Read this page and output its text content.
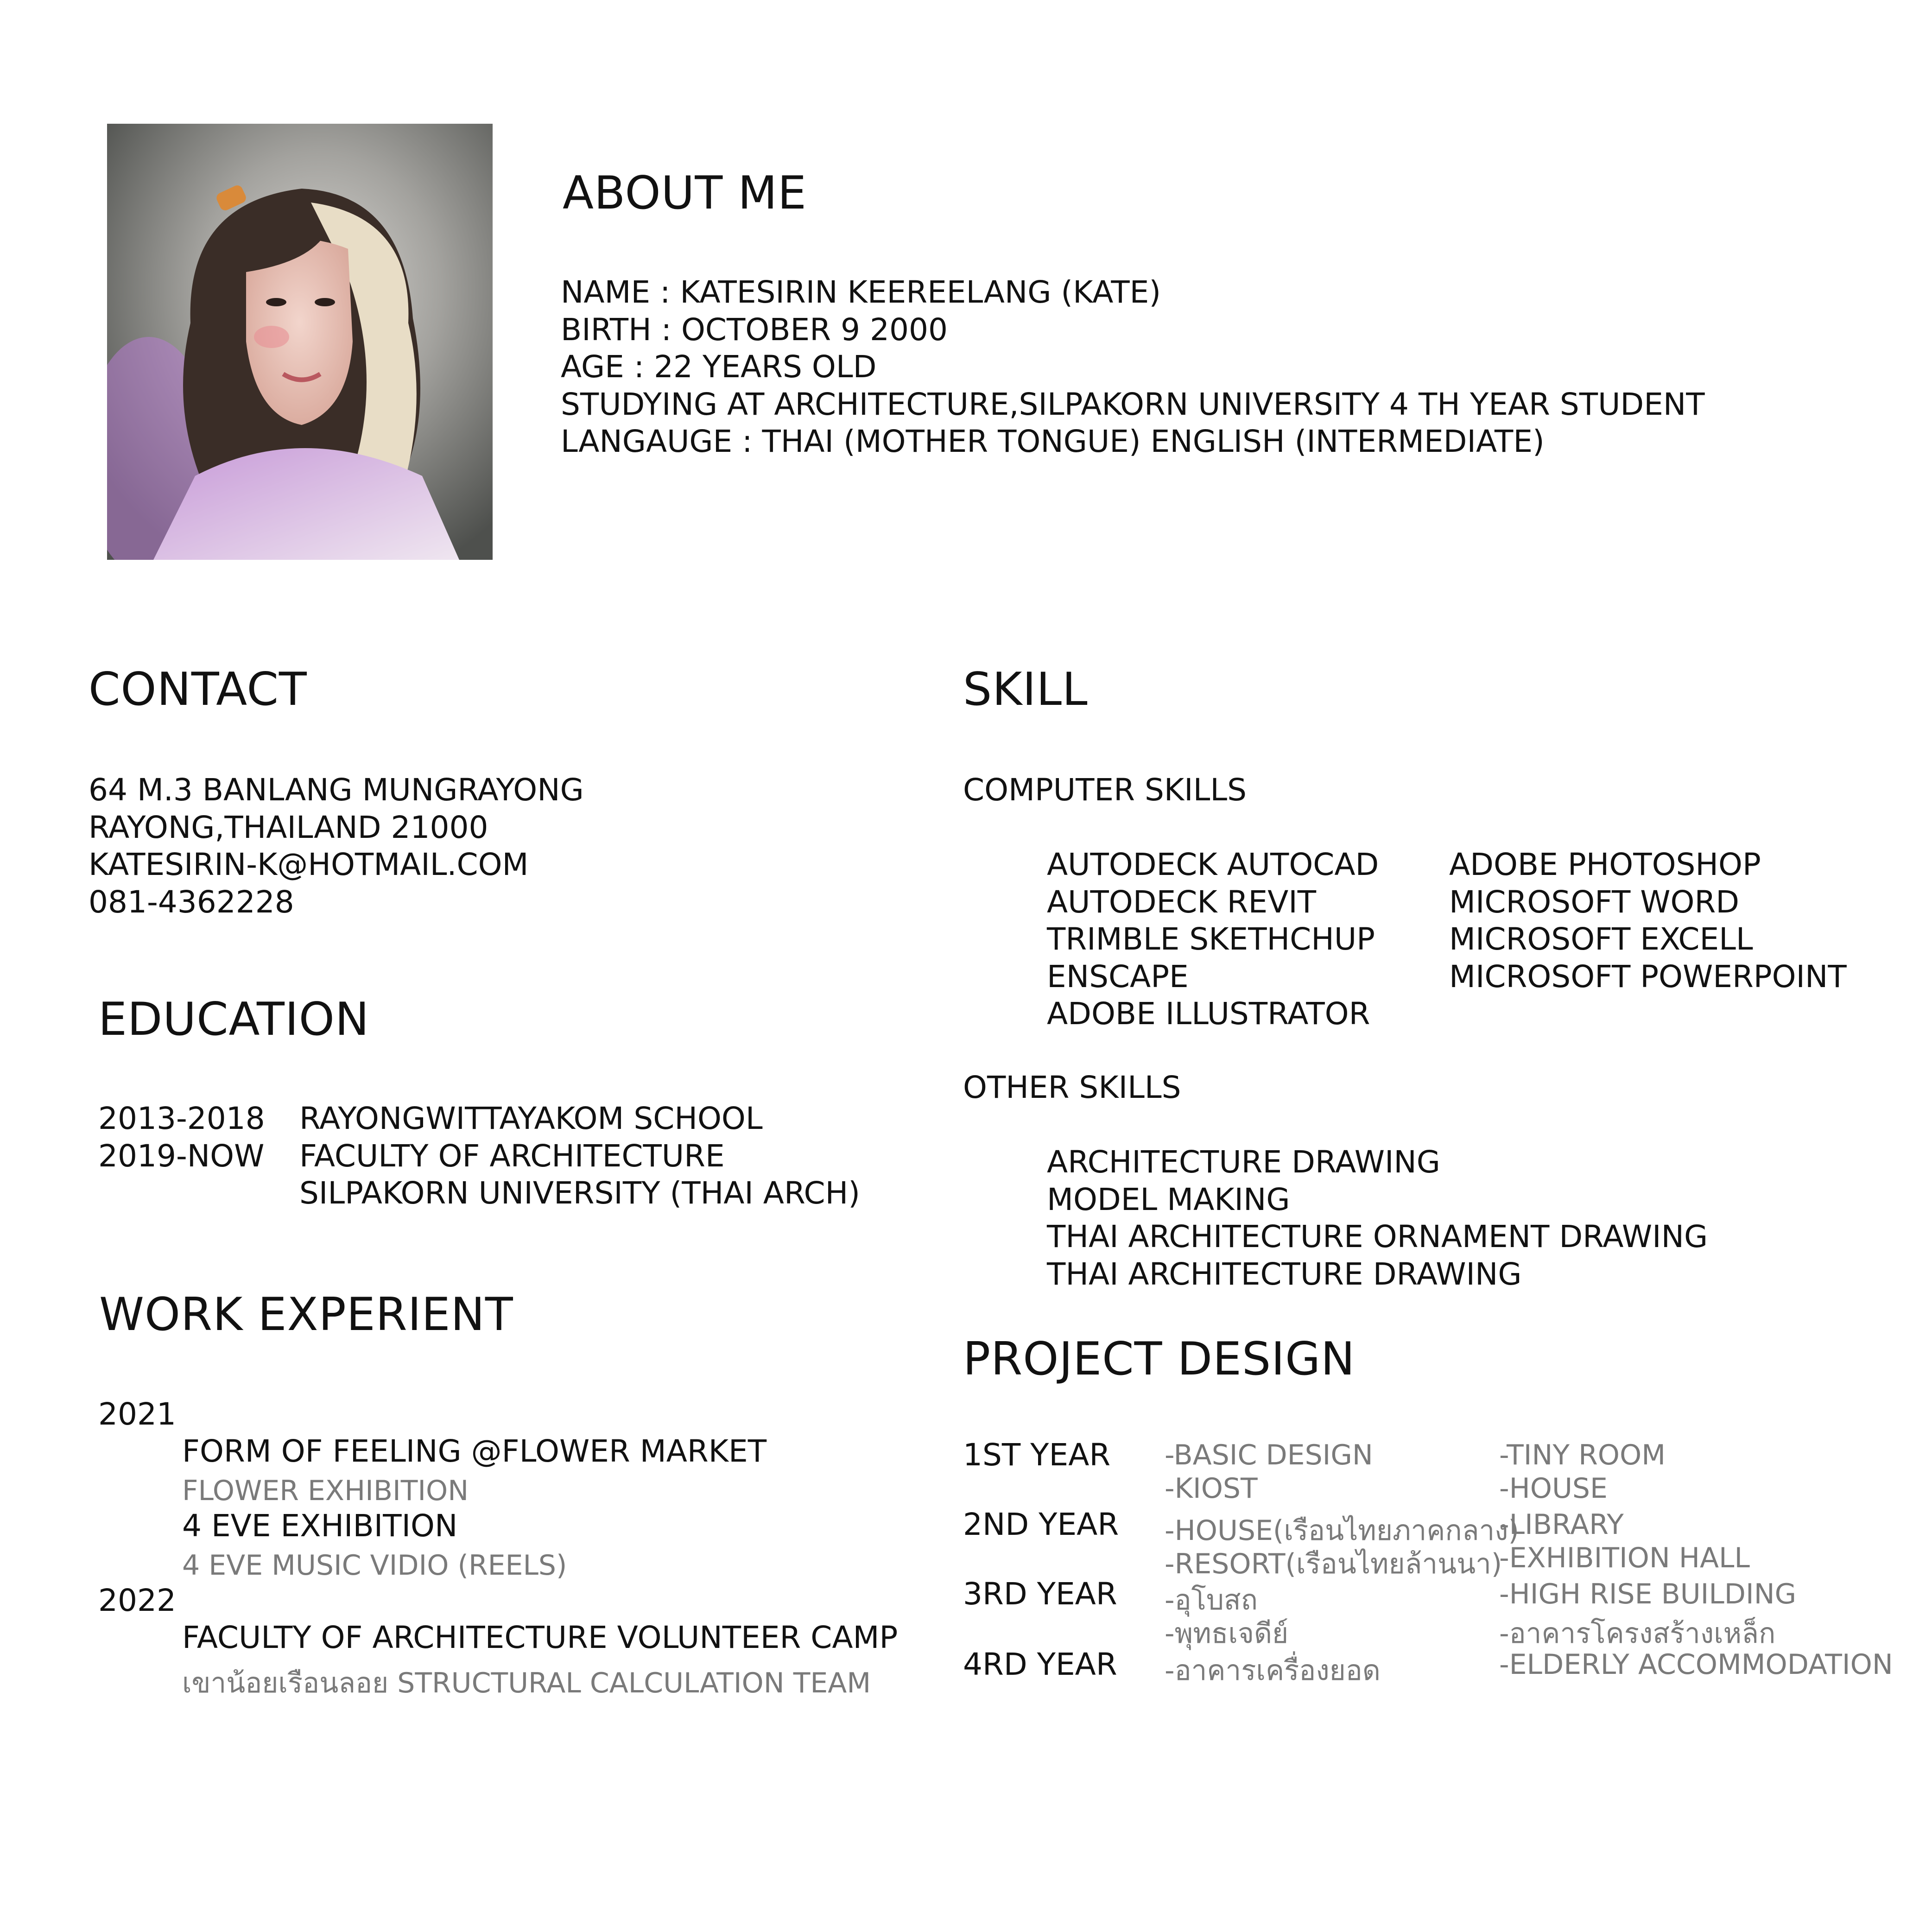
ABOUT ME
NAME : KATESIRIN KEEREELANG (KATE)
BIRTH : OCTOBER 9 2000
AGE : 22 YEARS OLD
STUDYING AT ARCHITECTURE,SILPAKORN UNIVERSITY 4 TH YEAR STUDENT
LANGAUGE : THAI (MOTHER TONGUE) ENGLISH (INTERMEDIATE)
CONTACT
64 M.3 BANLANG MUNGRAYONG
RAYONG,THAILAND 21000
KATESIRIN-K@HOTMAIL.COM
081-4362228
EDUCATION
2013-2018 RAYONGWITTAYAKOM SCHOOL
2019-NOW FACULTY OF ARCHITECTURE
SILPAKORN UNIVERSITY (THAI ARCH)
WORK EXPERIENT
2021
FORM OF FEELING @FLOWER MARKET
FLOWER EXHIBITION
4 EVE EXHIBITION
4 EVE MUSIC VIDIO (REELS)
2022
FACULTY OF ARCHITECTURE VOLUNTEER CAMP
เขาน้อยเรือนลอย STRUCTURAL CALCULATION TEAM
SKILL
COMPUTER SKILLS
AUTODECK AUTOCAD
AUTODECK REVIT
TRIMBLE SKETHCHUP
ENSCAPE
ADOBE ILLUSTRATOR
ADOBE PHOTOSHOP
MICROSOFT WORD
MICROSOFT EXCELL
MICROSOFT POWERPOINT
OTHER SKILLS
ARCHITECTURE DRAWING
MODEL MAKING
THAI ARCHITECTURE ORNAMENT DRAWING
THAI ARCHITECTURE DRAWING
PROJECT DESIGN
1ST YEAR -BASIC DESIGN
-KIOST
-TINY ROOM
-HOUSE
2ND YEAR -HOUSE(เรือนไทยภาคกลาง)
-RESORT(เรือนไทยล้านนา)
-LIBRARY
-EXHIBITION HALL
3RD YEAR -อุโบสถ
-พุทธเจดีย์
-HIGH RISE BUILDING
-อาคารโครงสร้างเหล็ก
4RD YEAR -อาคารเครื่องยอด	-ELDERLY ACCOMMODATION
